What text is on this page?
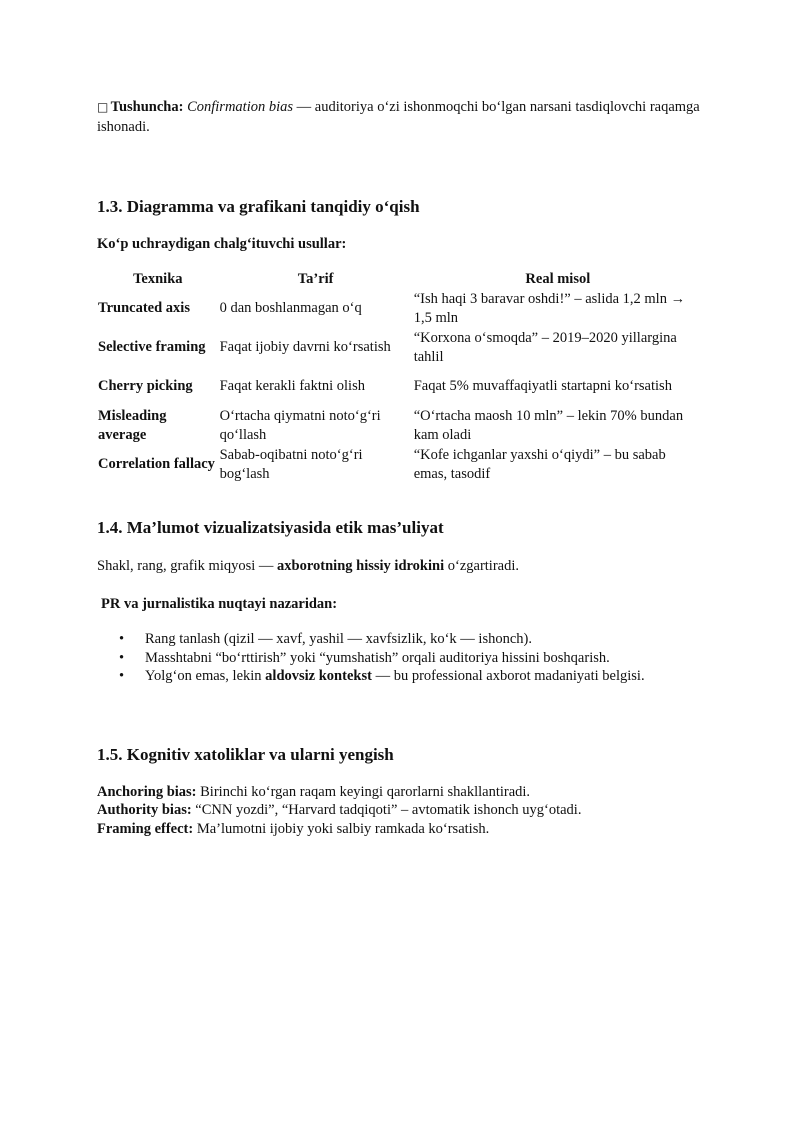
□ Tushuncha: Confirmation bias — auditoriya o‘zi ishonmoqchi bo‘lgan narsani tasdiqlovchi raqamga ishonadi.

1.3. Diagramma va grafikani tanqidiy o‘qish
Ko‘p uchraydigan chalg‘ituvchi usullar:
Texnika	Ta’rif	Real misol
Truncated axis	0 dan boshlanmagan o‘q	“Ish haqi 3 baravar oshdi!” – aslida 1,2 mln → 1,5 mln
Selective framing	Faqat ijobiy davrni ko‘rsatish	“Korxona o‘smoqda” – 2019–2020 yillargina tahlil
Cherry picking	Faqat kerakli faktni olish	Faqat 5% muvaffaqiyatli startapni ko‘rsatish
Misleading average	O‘rtacha qiymatni noto‘g‘ri qo‘llash	“O‘rtacha maosh 10 mln” – lekin 70% bundan kam oladi
Correlation fallacy	Sabab-oqibatni noto‘g‘ri bog‘lash	“Kofe ichganlar yaxshi o‘qiydi” – bu sabab emas, tasodif
1.4. Ma’lumot vizualizatsiyasida etik mas’uliyat
Shakl, rang, grafik miqyosi — axborotning hissiy idrokini o‘zgartiradi.
PR va jurnalistika nuqtayi nazaridan:
• Rang tanlash (qizil — xavf, yashil — xavfsizlik, ko‘k — ishonch).
• Masshtabni “bo‘rttirish” yoki “yumshatish” orqali auditoriya hissini boshqarish.
• Yolg‘on emas, lekin aldovsiz kontekst — bu professional axborot madaniyati belgisi.
1.5. Kognitiv xatoliklar va ularni yengish

Anchoring bias: Birinchi ko‘rgan raqam keyingi qarorlarni shakllantiradi.

Authority bias: “CNN yozdi”, “Harvard tadqiqoti” – avtomatik ishonch uyg‘otadi.

Framing effect: Ma’lumotni ijobiy yoki salbiy ramkada ko‘rsatish.
